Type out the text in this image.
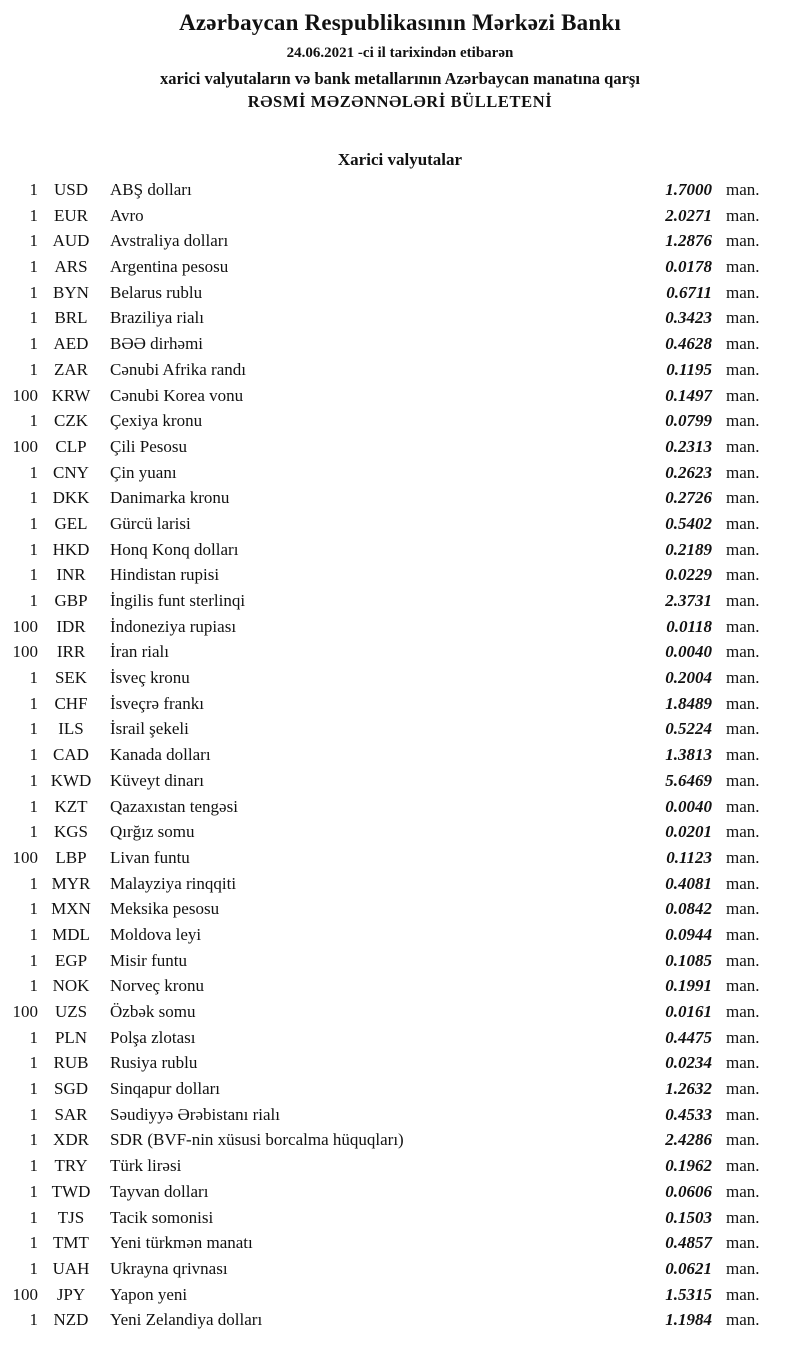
Azərbaycan Respublikasının Mərkəzi Bankı
24.06.2021 -ci il tarixindən etibarən
xarici valyutaların və bank metallarının Azərbaycan manatına qarşı
RƏSMİ MƏZƏNNƏLƏRİ BÜLLETENİ
Xarici valyutalar
1 USD	ABŞ dolları	1.7000 man.
1 EUR	Avro	2.0271 man.
1 AUD	Avstraliya dolları	1.2876 man.
1 ARS	Argentina pesosu	0.0178 man.
1 BYN	Belarus rublu	0.6711 man.
1 BRL	Braziliya rialı	0.3423 man.
1 AED	BƏƏ dirhəmi	0.4628 man.
1 ZAR	Cənubi Afrika randı	0.1195 man.
100 KRW	Cənubi Korea vonu	0.1497 man.
1 CZK	Çexiya kronu	0.0799 man.
100	CLP	Çili Pesosu	0.2313 man.
1 CNY	Çin yuanı	0.2623 man.
1 DKK	Danimarka kronu	0.2726 man.
1 GEL	Gürcü larisi	0.5402 man.
1 HKD	Honq Konq dolları	0.2189 man.
1	INR	Hindistan rupisi	0.0229 man.
1 GBP	İngilis funt sterlinqi	2.3731 man.
100	IDR	İndoneziya rupiası	0.0118 man.
100	IRR	İran rialı	0.0040 man.
1 SEK	İsveç kronu	0.2004 man.
1 CHF	İsveçrə frankı	1.8489 man.
1	ILS	İsrail şekeli	0.5224 man.
1 CAD	Kanada dolları	1.3813 man.
1 KWD	Küveyt dinarı	5.6469 man.
1 KZT	Qazaxıstan tengəsi	0.0040 man.
1 KGS	Qırğız somu	0.0201 man.
100	LBP	Livan funtu	0.1123 man.
1 MYR	Malayziya rinqqiti	0.4081 man.
1 MXN	Meksika pesosu	0.0842 man.
1 MDL	Moldova leyi	0.0944 man.
1 EGP	Misir funtu	0.1085 man.
1 NOK	Norveç kronu	0.1991 man.
100 UZS	Özbək somu	0.0161 man.
1 PLN	Polşa zlotası	0.4475 man.
1 RUB	Rusiya rublu	0.0234 man.
1 SGD	Sinqapur dolları	1.2632 man.
1 SAR	Səudiyyə Ərəbistanı rialı	0.4533 man.
1 XDR	SDR (BVF-nin xüsusi borcalma hüquqları)	2.4286 man.
1 TRY	Türk lirəsi	0.1962 man.
1 TWD	Tayvan dolları	0.0606 man.
1	TJS	Tacik somonisi	0.1503 man.
1 TMT	Yeni türkmən manatı	0.4857 man.
1 UAH	Ukrayna qrivnası	0.0621 man.
100	JPY	Yapon yeni	1.5315 man.
1 NZD	Yeni Zelandiya dolları	1.1984 man.
